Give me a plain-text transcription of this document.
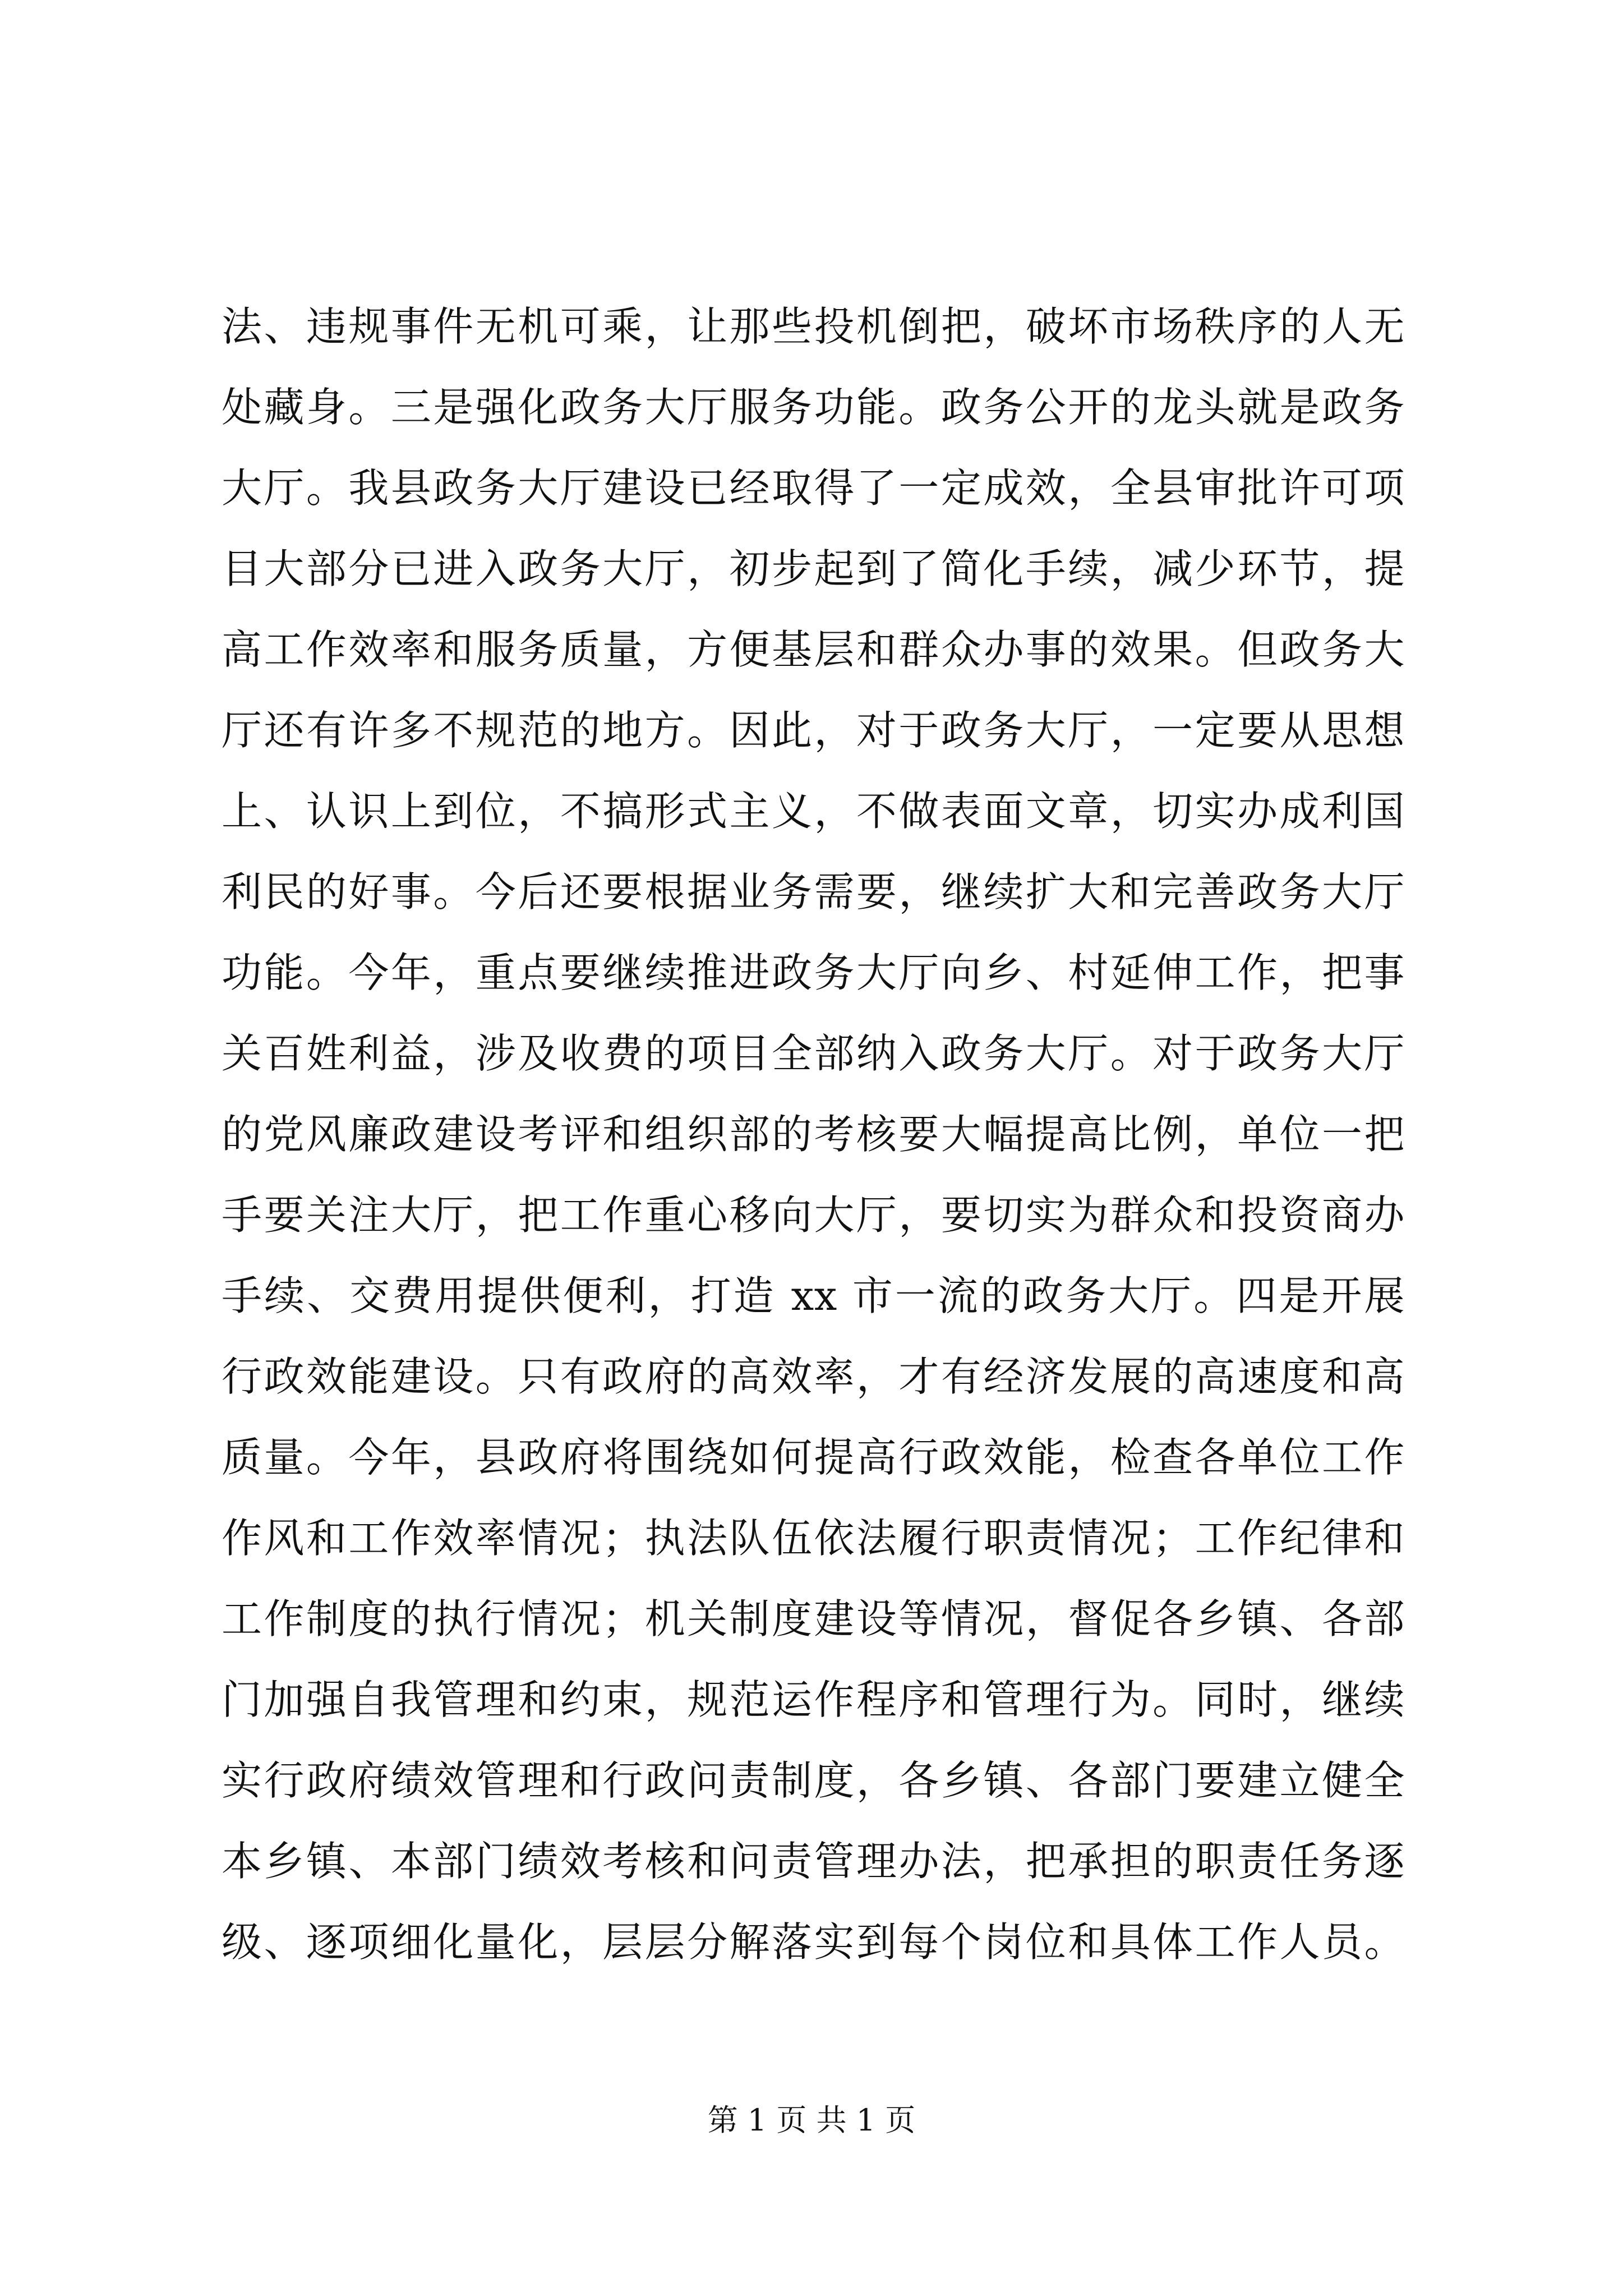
法、违规事件无机可乘，让那些投机倒把，破坏市场秩序的人无
处藏身。三是强化政务大厅服务功能。政务公开的龙头就是政务
大厅。我县政务大厅建设已经取得了一定成效，全县审批许可项
目大部分已进入政务大厅，初步起到了简化手续，减少环节，提
高工作效率和服务质量，方便基层和群众办事的效果。但政务大
厅还有许多不规范的地方。因此，对于政务大厅，一定要从思想
上、认识上到位，不搞形式主义，不做表面文章，切实办成利国
利民的好事。今后还要根据业务需要，继续扩大和完善政务大厅
功能。今年，重点要继续推进政务大厅向乡、村延伸工作，把事
关百姓利益，涉及收费的项目全部纳入政务大厅。对于政务大厅
的党风廉政建设考评和组织部的考核要大幅提高比例，单位一把
手要关注大厅，把工作重心移向大厅，要切实为群众和投资商办
手续、交费用提供便利，打造 xx 市一流的政务大厅。四是开展
行政效能建设。只有政府的高效率，才有经济发展的高速度和高
质量。今年，县政府将围绕如何提高行政效能，检查各单位工作
作风和工作效率情况；执法队伍依法履行职责情况；工作纪律和
工作制度的执行情况；机关制度建设等情况，督促各乡镇、各部
门加强自我管理和约束，规范运作程序和管理行为。同时，继续
实行政府绩效管理和行政问责制度，各乡镇、各部门要建立健全
本乡镇、本部门绩效考核和问责管理办法，把承担的职责任务逐
级、逐项细化量化，层层分解落实到每个岗位和具体工作人员。
第 1 页 共 1 页
